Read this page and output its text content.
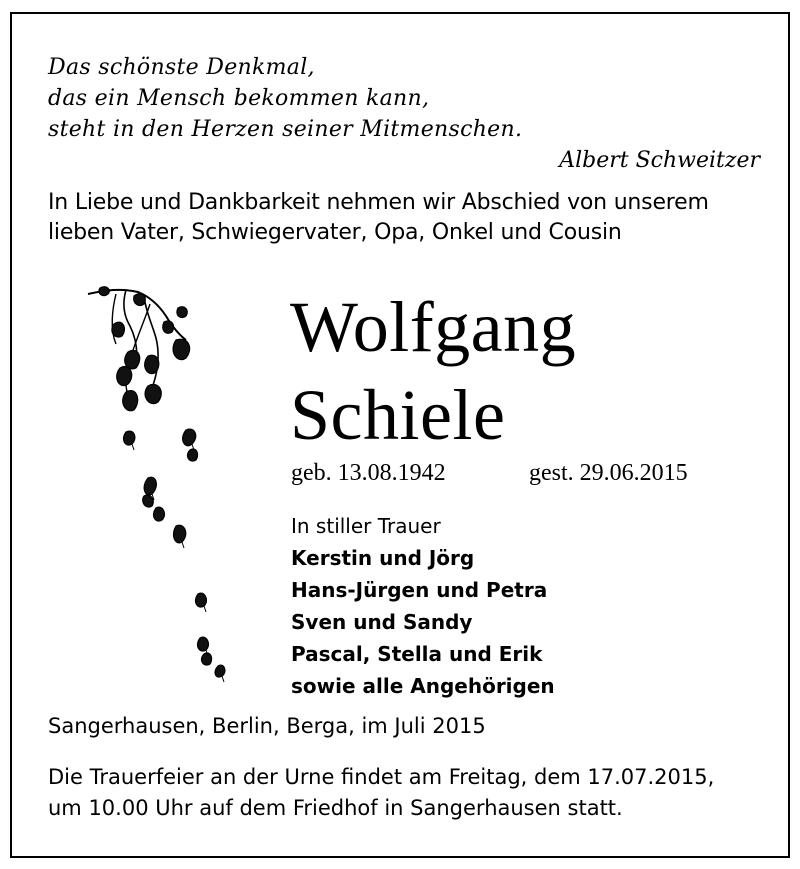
Das schönste Denkmal,
das ein Mensch bekommen kann,
steht in den Herzen seiner Mitmenschen.
Albert Schweitzer
In Liebe und Dankbarkeit nehmen wir Abschied von unserem
lieben Vater, Schwiegervater, Opa, Onkel und Cousin
Wolfgang
Schiele
geb. 13.08.1942	gest. 29.06.2015
In stiller Trauer
Kerstin und Jörg
Hans-Jürgen und Petra
Sven und Sandy
Pascal, Stella und Erik
sowie alle Angehörigen
Sangerhausen, Berlin, Berga, im Juli 2015
Die Trauerfeier an der Urne findet am Freitag, dem 17.07.2015,
um 10.00 Uhr auf dem Friedhof in Sangerhausen statt.
